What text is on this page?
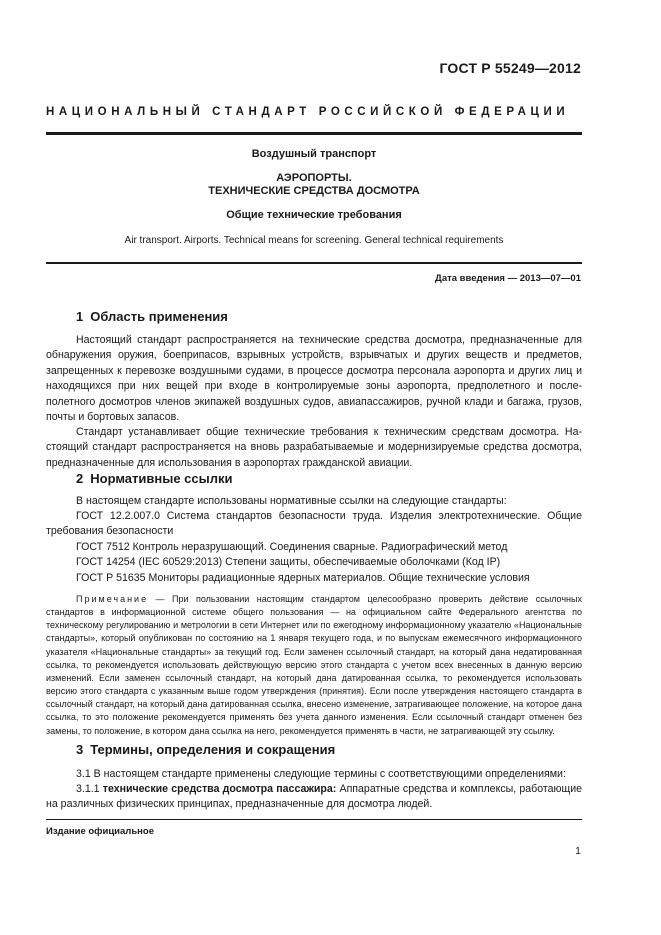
ГОСТ Р 55249—2012
НАЦИОНАЛЬНЫЙ СТАНДАРТ РОССИЙСКОЙ ФЕДЕРАЦИИ
Воздушный транспорт
АЭРОПОРТЫ.
ТЕХНИЧЕСКИЕ СРЕДСТВА ДОСМОТРА
Общие технические требования
Air transport. Airports. Technical means for screening. General technical requirements
Дата введения — 2013—07—01
1 Область применения

Настоящий стандарт распространяется на технические средства досмотра, предназначенные для обнаружения оружия, боеприпасов, взрывных устройств, взрывчатых и других веществ и предметов, запрещенных к перевозке воздушными судами, в процессе досмотра персонала аэропорта и других лиц и находящихся при них вещей при входе в контролируемые зоны аэропорта, предполетного и послеполетного досмотров членов экипажей воздушных судов, авиапассажиров, ручной клади и багажа, грузов, почты и бортовых запасов.

Стандарт устанавливает общие технические требования к техническим средствам досмотра. Настоящий стандарт распространяется на вновь разрабатываемые и модернизируемые средства досмотра, предназначенные для использования в аэропортах гражданской авиации.

2 Нормативные ссылки

В настоящем стандарте использованы нормативные ссылки на следующие стандарты:

ГОСТ 12.2.007.0 Система стандартов безопасности труда. Изделия электротехнические. Общие требования безопасности

ГОСТ 7512 Контроль неразрушающий. Соединения сварные. Радиографический метод
ГОСТ 14254 (IEC 60529:2013) Степени защиты, обеспечиваемые оболочками (Код IP)
ГОСТ Р 51635 Мониторы радиационные ядерных материалов. Общие технические условия

Примечание — При пользовании настоящим стандартом целесообразно проверить действие ссылочных стандартов в информационной системе общего пользования — на официальном сайте Федерального агентства по техническому регулированию и метрологии в сети Интернет или по ежегодному информационному указателю «Национальные стандарты», который опубликован по состоянию на 1 января текущего года, и по выпускам ежемесячного информационного указателя «Национальные стандарты» за текущий год. Если заменен ссылочный стандарт, на который дана недатированная ссылка, то рекомендуется использовать действующую версию этого стандарта с учетом всех внесенных в данную версию изменений. Если заменен ссылочный стандарт, на который дана датированная ссылка, то рекомендуется использовать версию этого стандарта с указанным выше годом утверждения (принятия). Если после утверждения настоящего стандарта в ссылочный стандарт, на который дана датированная ссылка, внесено изменение, затрагивающее положение, на которое дана ссылка, то это положение рекомендуется применять без учета данного изменения. Если ссылочный стандарт отменен без замены, то положение, в котором дана ссылка на него, рекомендуется применять в части, не затрагивающей эту ссылку.

3 Термины, определения и сокращения

3.1 В настоящем стандарте применены следующие термины с соответствующими определениями:

3.1.1 технические средства досмотра пассажира: Аппаратные средства и комплексы, работающие на различных физических принципах, предназначенные для досмотра людей.

Издание официальное
1
